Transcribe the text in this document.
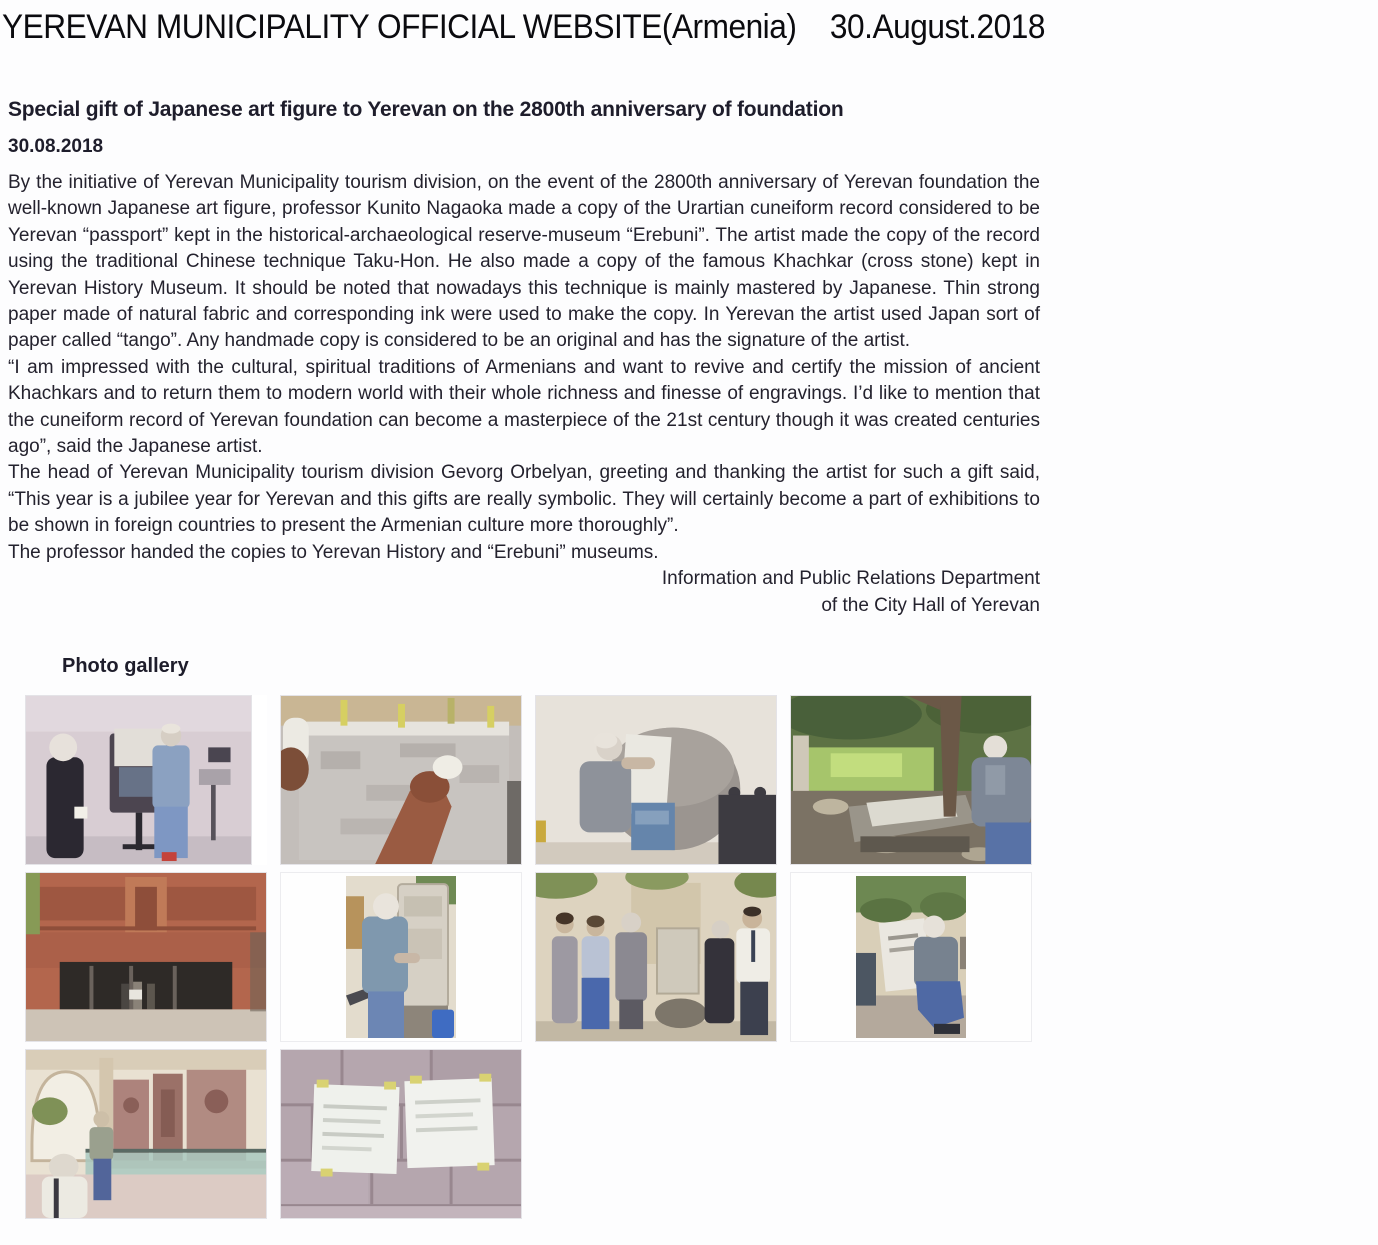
YEREVAN MUNICIPALITY OFFICIAL WEBSITE(Armenia) 30.August.2018
Special gift of Japanese art figure to Yerevan on the 2800th anniversary of foundation
30.08.2018

By the initiative of Yerevan Municipality tourism division, on the event of the 2800th anniversary of Yerevan foundation the well-known Japanese art figure, professor Kunito Nagaoka made a copy of the Urartian cuneiform record considered to be Yerevan “passport” kept in the historical-archaeological reserve-museum “Erebuni”. The artist made the copy of the record using the traditional Chinese technique Taku-Hon. He also made a copy of the famous Khachkar (cross stone) kept in Yerevan History Museum. It should be noted that nowadays this technique is mainly mastered by Japanese. Thin strong paper made of natural fabric and corresponding ink were used to make the copy. In Yerevan the artist used Japan sort of paper called “tango”. Any handmade copy is considered to be an original and has the signature of the artist.

“I am impressed with the cultural, spiritual traditions of Armenians and want to revive and certify the mission of ancient Khachkars and to return them to modern world with their whole richness and finesse of engravings. I’d like to mention that the cuneiform record of Yerevan foundation can become a masterpiece of the 21st century though it was created centuries ago”, said the Japanese artist.

The head of Yerevan Municipality tourism division Gevorg Orbelyan, greeting and thanking the artist for such a gift said, “This year is a jubilee year for Yerevan and this gifts are really symbolic. They will certainly become a part of exhibitions to be shown in foreign countries to present the Armenian culture more thoroughly”.

The professor handed the copies to Yerevan History and “Erebuni” museums.

Information and Public Relations Department
of the City Hall of Yerevan
Photo gallery
